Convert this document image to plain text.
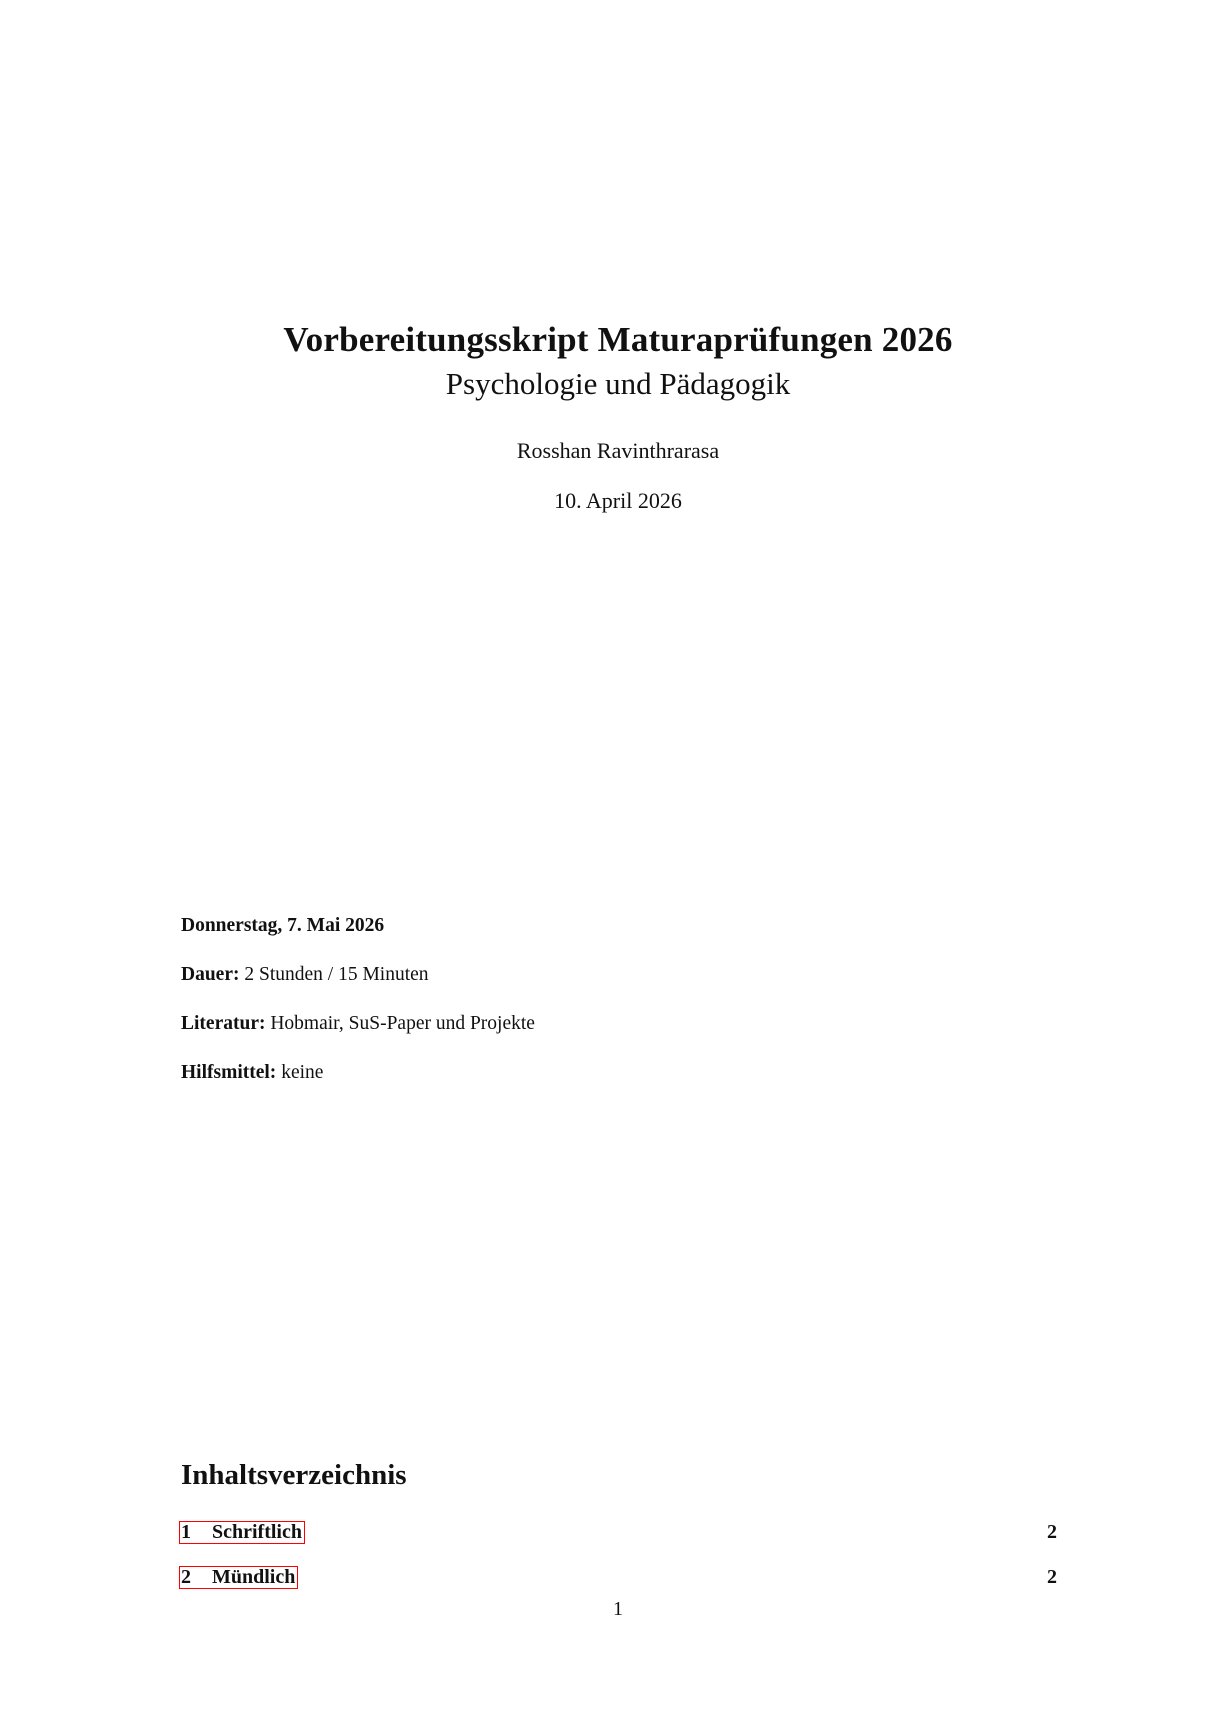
Vorbereitungsskript Maturaprüfungen 2026
Psychologie und Pädagogik
Rosshan Ravinthrarasa
10. April 2026
Donnerstag, 7. Mai 2026
Dauer: 2 Stunden / 15 Minuten
Literatur: Hobmair, SuS-Paper und Projekte
Hilfsmittel: keine
Inhaltsverzeichnis
1 Schriftlich	2
2 Mündlich	2
1
